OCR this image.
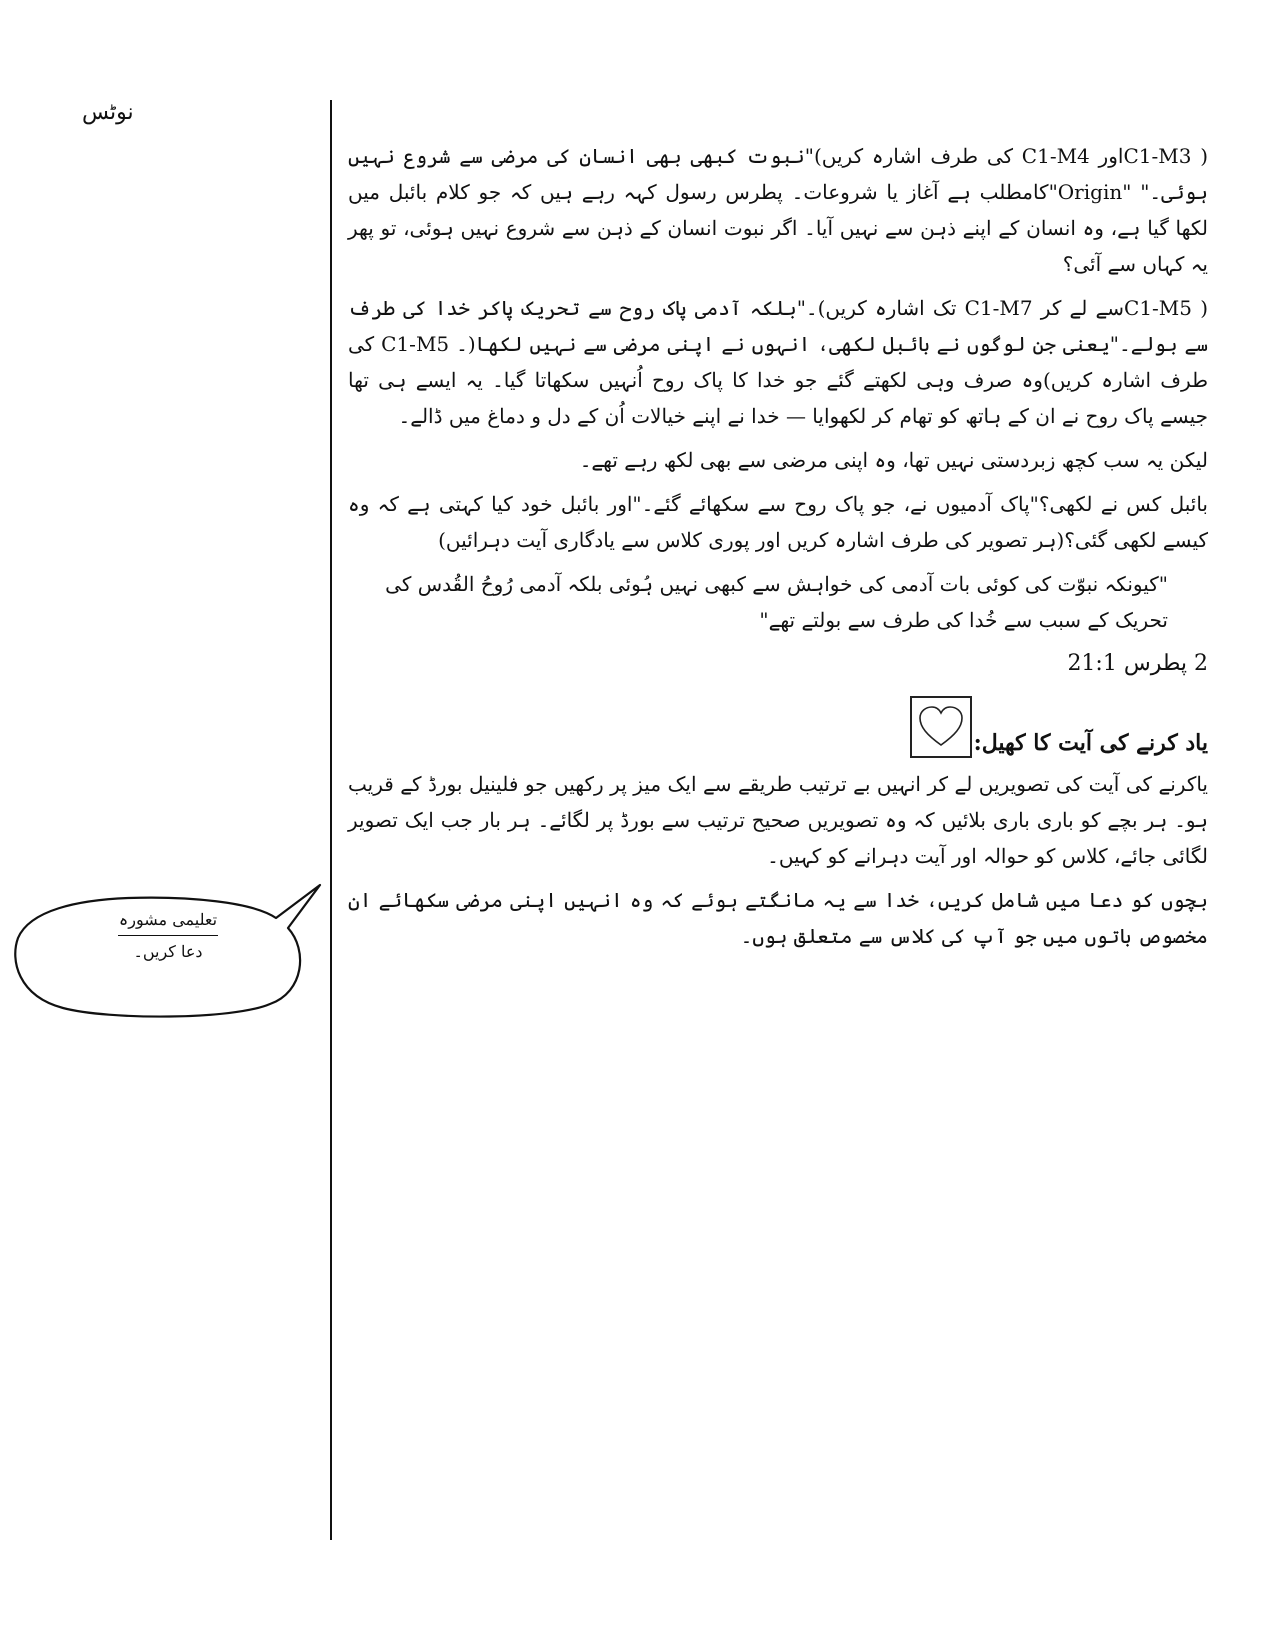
نوٹس

( C1-M3اور C1-M4 کی طرف اشارہ کریں)"نبوت کبھی بھی انسان کی مرضی سے شروع نہیں ہوئی۔" "Origin"کامطلب ہے آغاز یا شروعات۔ پطرس رسول کہہ رہے ہیں کہ جو کلام بائبل میں لکھا گیا ہے، وہ انسان کے اپنے ذہن سے نہیں آیا۔ اگر نبوت انسان کے ذہن سے شروع نہیں ہوئی، تو پھر یہ کہاں سے آئی؟

( C1-M5سے لے کر C1-M7 تک اشارہ کریں)۔"بلکہ آدمی پاک روح سے تحریک پاکر خدا کی طرف سے بولے۔"یعنی جن لوگوں نے بائبل لکھی، انہوں نے اپنی مرضی سے نہیں لکھا(۔ C1-M5 کی طرف اشارہ کریں)وہ صرف وہی لکھتے گئے جو خدا کا پاک روح اُنہیں سکھاتا گیا۔ یہ ایسے ہی تھا جیسے پاک روح نے ان کے ہاتھ کو تھام کر لکھوایا — خدا نے اپنے خیالات اُن کے دل و دماغ میں ڈالے۔

لیکن یہ سب کچھ زبردستی نہیں تھا، وہ اپنی مرضی سے بھی لکھ رہے تھے۔

بائبل کس نے لکھی؟"پاک آدمیوں نے، جو پاک روح سے سکھائے گئے۔"اور بائبل خود کیا کہتی ہے کہ وہ کیسے لکھی گئی؟(ہر تصویر کی طرف اشارہ کریں اور پوری کلاس سے یادگاری آیت دہرائیں)

"کیونکہ نبوّت کی کوئی بات آدمی کی خواہش سے کبھی نہیں ہُوئی بلکہ آدمی رُوحُ القُدس کی تحریک کے سبب سے خُدا کی طرف سے بولتے تھے"

2 پطرس 21:1

یاد کرنے کی آیت کا کھیل:

یاکرنے کی آیت کی تصویریں لے کر انہیں بے ترتیب طریقے سے ایک میز پر رکھیں جو فلینیل بورڈ کے قریب ہو۔ ہر بچے کو باری باری بلائیں کہ وہ تصویریں صحیح ترتیب سے بورڈ پر لگائے۔ ہر بار جب ایک تصویر لگائی جائے، کلاس کو حوالہ اور آیت دہرانے کو کہیں۔

بچوں کو دعا میں شامل کریں، خدا سے یہ مانگتے ہوئے کہ وہ انہیں اپنی مرضی سکھائے ان مخصوص باتوں میں جو آپ کی کلاس سے متعلق ہوں۔

تعلیمی مشورہ
دعا کریں۔
